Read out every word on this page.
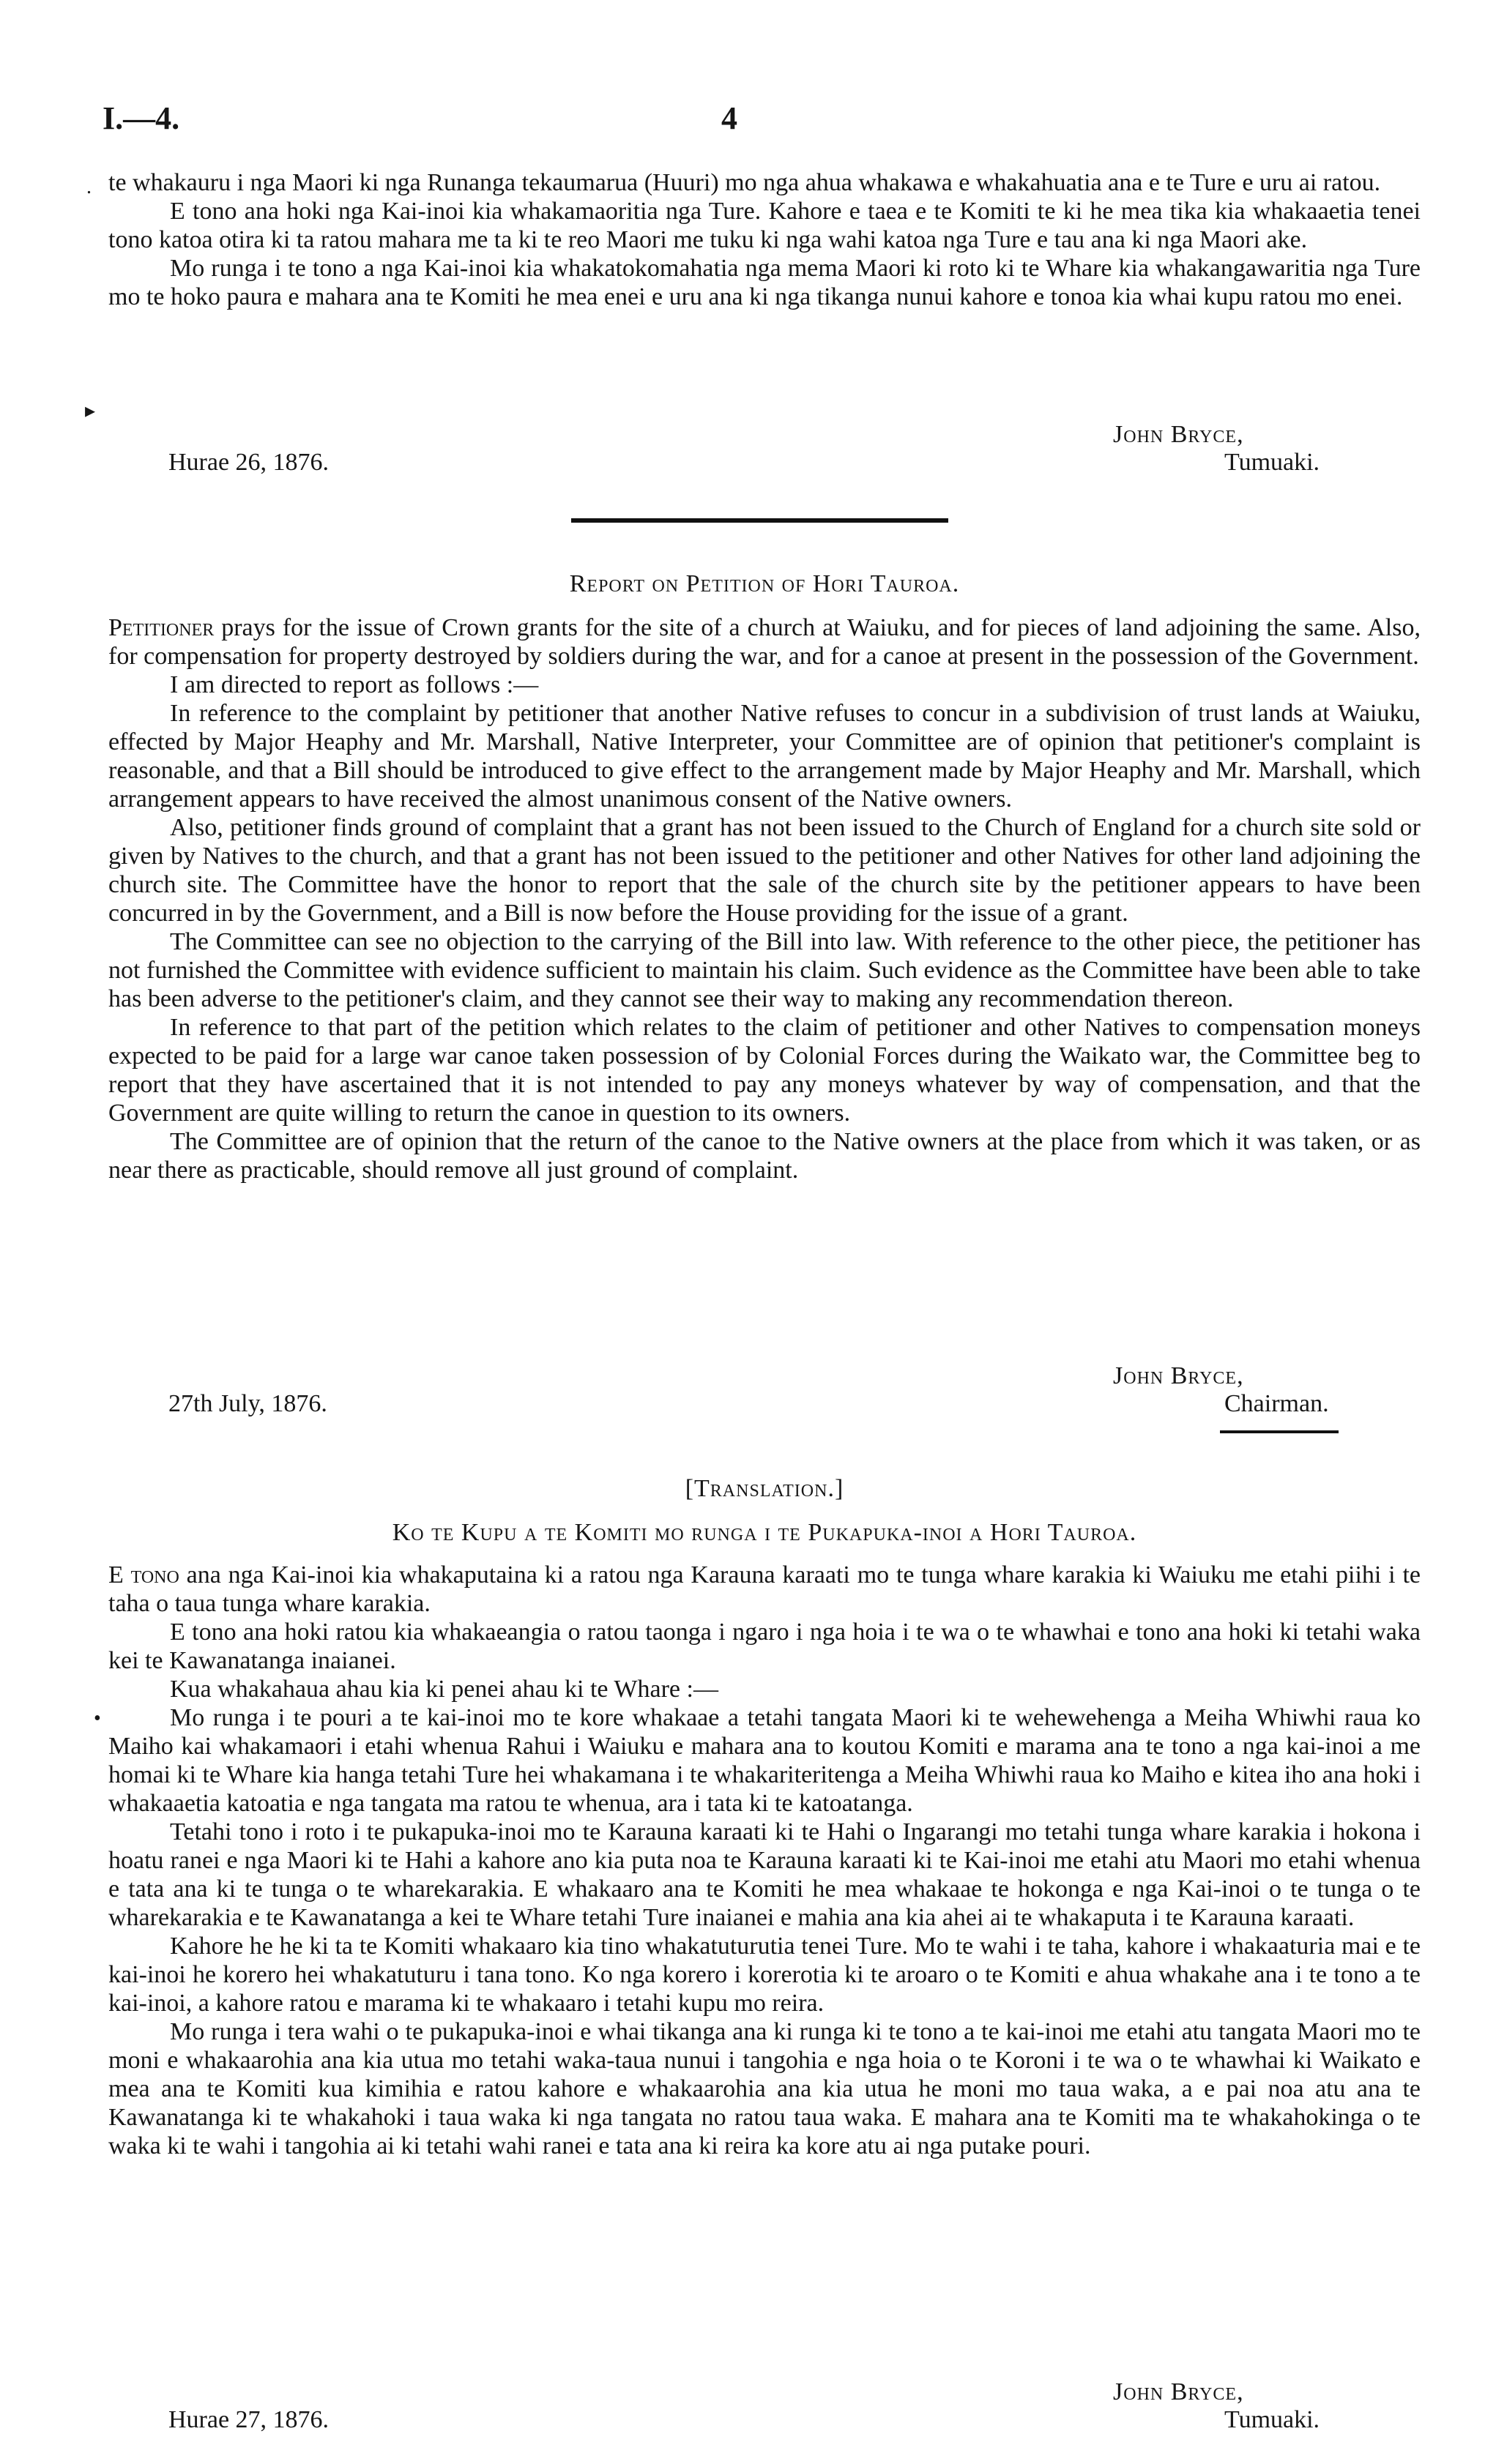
I.—4.	4
. te whakauru i nga Maori ki nga Runanga tekaumarua (Huuri) mo nga ahua whakawa e whakahuatia ana e te Ture e uru ai ratou.

E tono ana hoki nga Kai-inoi kia whakamaoritia nga Ture. Kahore e taea e te Komiti te ki he mea tika kia whakaaetia tenei tono katoa otira ki ta ratou mahara me ta ki te reo Maori me tuku ki nga wahi katoa nga Ture e tau ana ki nga Maori ake.

Mo runga i te tono a nga Kai-inoi kia whakatokomahatia nga mema Maori ki roto ki te Whare kia whakangawaritia nga Ture mo te hoko paura e mahara ana te Komiti he mea enei e uru ana ki nga tikanga nunui kahore e tonoa kia whai kupu ratou mo enei.

▸
John Bryce,
Hurae 26, 1876.	Tumuaki.
Report on Petition of Hori Tauroa.

Petitioner prays for the issue of Crown grants for the site of a church at Waiuku, and for pieces of land adjoining the same. Also, for compensation for property destroyed by soldiers during the war, and for a canoe at present in the possession of the Government.

I am directed to report as follows :—

In reference to the complaint by petitioner that another Native refuses to concur in a subdivision of trust lands at Waiuku, effected by Major Heaphy and Mr. Marshall, Native Interpreter, your Committee are of opinion that petitioner's complaint is reasonable, and that a Bill should be introduced to give effect to the arrangement made by Major Heaphy and Mr. Marshall, which arrangement appears to have received the almost unanimous consent of the Native owners.

Also, petitioner finds ground of complaint that a grant has not been issued to the Church of England for a church site sold or given by Natives to the church, and that a grant has not been issued to the petitioner and other Natives for other land adjoining the church site. The Committee have the honor to report that the sale of the church site by the petitioner appears to have been concurred in by the Government, and a Bill is now before the House providing for the issue of a grant.

The Committee can see no objection to the carrying of the Bill into law. With reference to the other piece, the petitioner has not furnished the Committee with evidence sufficient to maintain his claim. Such evidence as the Committee have been able to take has been adverse to the petitioner's claim, and they cannot see their way to making any recommendation thereon.

In reference to that part of the petition which relates to the claim of petitioner and other Natives to compensation moneys expected to be paid for a large war canoe taken possession of by Colonial Forces during the Waikato war, the Committee beg to report that they have ascertained that it is not intended to pay any moneys whatever by way of compensation, and that the Government are quite willing to return the canoe in question to its owners.

The Committee are of opinion that the return of the canoe to the Native owners at the place from which it was taken, or as near there as practicable, should remove all just ground of complaint.

John Bryce,
27th July, 1876.	Chairman.
[Translation.]
Ko te Kupu a te Komiti mo runga i te Pukapuka-inoi a Hori Tauroa.

E tono ana nga Kai-inoi kia whakaputaina ki a ratou nga Karauna karaati mo te tunga whare karakia ki Waiuku me etahi piihi i te taha o taua tunga whare karakia.

E tono ana hoki ratou kia whakaeangia o ratou taonga i ngaro i nga hoia i te wa o te whawhai e tono ana hoki ki tetahi waka kei te Kawanatanga inaianei.

Kua whakahaua ahau kia ki penei ahau ki te Whare :—

Mo runga i te pouri a te kai-inoi mo te kore whakaae a tetahi tangata Maori ki te wehewehenga a Meiha Whiwhi raua ko Maiho kai whakamaori i etahi whenua Rahui i Waiuku e mahara ana to koutou Komiti e marama ana te tono a nga kai-inoi a me homai ki te Whare kia hanga tetahi Ture hei whakamana i te whakariteritenga a Meiha Whiwhi raua ko Maiho e kitea iho ana hoki i whakaaetia katoatia e nga tangata ma ratou te whenua, ara i tata ki te katoatanga.

Tetahi tono i roto i te pukapuka-inoi mo te Karauna karaati ki te Hahi o Ingarangi mo tetahi tunga whare karakia i hokona i hoatu ranei e nga Maori ki te Hahi a kahore ano kia puta noa te Karauna karaati ki te Kai-inoi me etahi atu Maori mo etahi whenua e tata ana ki te tunga o te wharekarakia. E whakaaro ana te Komiti he mea whakaae te hokonga e nga Kai-inoi o te tunga o te wharekarakia e te Kawanatanga a kei te Whare tetahi Ture inaianei e mahia ana kia ahei ai te whakaputa i te Karauna karaati.

Kahore he he ki ta te Komiti whakaaro kia tino whakatuturutia tenei Ture. Mo te wahi i te taha, kahore i whakaaturia mai e te kai-inoi he korero hei whakatuturu i tana tono. Ko nga korero i korerotia ki te aroaro o te Komiti e ahua whakahe ana i te tono a te kai-inoi, a kahore ratou e marama ki te whakaaro i tetahi kupu mo reira.

Mo runga i tera wahi o te pukapuka-inoi e whai tikanga ana ki runga ki te tono a te kai-inoi me etahi atu tangata Maori mo te moni e whakaarohia ana kia utua mo tetahi waka-taua nunui i tangohia e nga hoia o te Koroni i te wa o te whawhai ki Waikato e mea ana te Komiti kua kimihia e ratou kahore e whakaarohia ana kia utua he moni mo taua waka, a e pai noa atu ana te Kawanatanga ki te whakahoki i taua waka ki nga tangata no ratou taua waka. E mahara ana te Komiti ma te whakahokinga o te waka ki te wahi i tangohia ai ki tetahi wahi ranei e tata ana ki reira ka kore atu ai nga putake pouri.

•
John Bryce,
Hurae 27, 1876.	Tumuaki.
